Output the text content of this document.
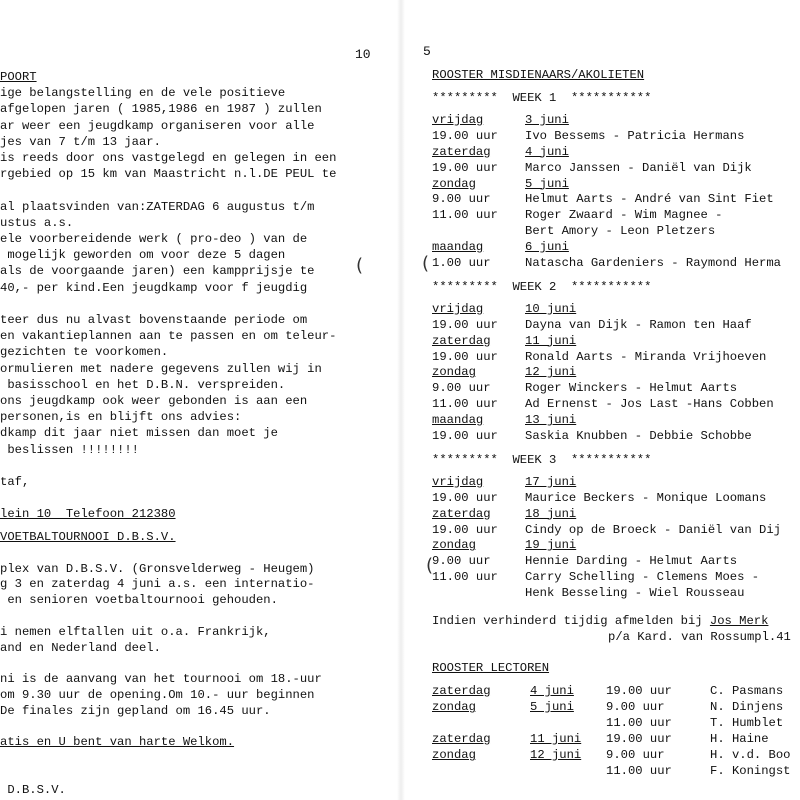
10
POORT
ige belangstelling en de vele positieve
afgelopen jaren ( 1985,1986 en 1987 ) zullen
ar weer een jeugdkamp organiseren voor alle
jes van 7 t/m 13 jaar.
is reeds door ons vastgelegd en gelegen in een
rgebied op 15 km van Maastricht n.l.DE PEUL te
al plaatsvinden van:ZATERDAG 6 augustus t/m
ustus a.s.
ele voorbereidende werk ( pro-deo ) van de
mogelijk geworden om voor deze 5 dagen
als de voorgaande jaren) een kampprijsje te
40,- per kind.Een jeugdkamp voor f jeugdig
teer dus nu alvast bovenstaande periode om
en vakantieplannen aan te passen en om teleur-
gezichten te voorkomen.
ormulieren met nadere gegevens zullen wij in
basisschool en het D.B.N. verspreiden.
ons jeugdkamp ook weer gebonden is aan een
personen,is en blijft ons advies:
dkamp dit jaar niet missen dan moet je
beslissen !!!!!!!!
taf,
lein 10  Telefoon 212380
VOETBALTOURNOOI D.B.S.V.
plex van D.B.S.V. (Gronsvelderweg - Heugem)
g 3 en zaterdag 4 juni a.s. een internatio-
en senioren voetbaltournooi gehouden.
i nemen elftallen uit o.a. Frankrijk,
and en Nederland deel.
ni is de aanvang van het tournooi om 18.-uur
om 9.30 uur de opening.Om 10.- uur beginnen
De finales zijn gepland om 16.45 uur.
atis en U bent van harte Welkom.
D.B.S.V.
(
5
ROOSTER MISDIENAARS/AKOLIETEN
*********  WEEK 1  ***********
vrijdag	3 juni
19.00 uur Ivo Bessems - Patricia Hermans
zaterdag	4 juni
19.00 uur Marco Janssen - Daniël van Dijk
zondag	5 juni
9.00 uur	Helmut Aarts - André van Sint Fiet
11.00 uur Roger Zwaard - Wim Magnee -
Bert Amory - Leon Pletzers
maandag	6 juni
1.00 uur	Natascha Gardeniers - Raymond Herma
*********  WEEK 2  ***********
vrijdag	10 juni
19.00 uur Dayna van Dijk - Ramon ten Haaf
zaterdag	11 juni
19.00 uur Ronald Aarts - Miranda Vrijhoeven
zondag	12 juni
9.00 uur	Roger Winckers - Helmut Aarts
11.00 uur Ad Ernenst - Jos Last -Hans Cobben
maandag	13 juni
19.00 uur Saskia Knubben - Debbie Schobbe
*********  WEEK 3  ***********
vrijdag	17 juni
19.00 uur Maurice Beckers - Monique Loomans
zaterdag	18 juni
19.00 uur Cindy op de Broeck - Daniël van Dij
zondag	19 juni
9.00 uur	Hennie Darding - Helmut Aarts
11.00 uur Carry Schelling - Clemens Moes -
Henk Besseling - Wiel Rousseau
(
(
Indien verhinderd tijdig afmelden bij Jos Merk
p/a Kard. van Rossumpl.41
ROOSTER LECTOREN
zaterdag	4 juni	19.00 uur	C. Pasmans
zondag	5 juni	9.00 uur	N. Dinjens
11.00 uur	T. Humblet
zaterdag	11 juni 19.00 uur	H. Haine
zondag	12 juni 9.00 uur	H. v.d. Boo
11.00 uur	F. Koningst
